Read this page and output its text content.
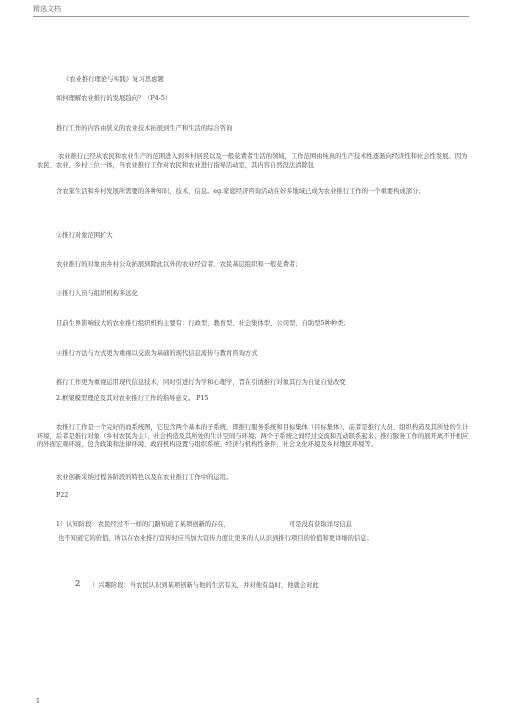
精选文档
《农业推行理论与实践》复习思虑题
如何理解农业推行的发展趋向？（P4-5）
推行工作的内容由狭义的农业技术拓展到生产和生活的综合咨询
农业推行已经从农民和农业生产的范围进入到乡村居民以及一般花费者生活的领域，工作范围由纯真的生产技术性逐渐向经济性和社会性发展。因为农民、农业、乡村三位一体，当农业推行工作对农民和农业进行指导活动室，其内容自然没法清除包
含农家生活和乡村发展所需要的各种知识、技术、信息。eg.家庭经济咨询活动在好多地域已成为农业推行工作的一个重要构成部分；
②推行对象范围扩大
农业推行的对象由乡村公众拓展到除此以外的农业经营者、农民基层组织和一般花费者；
③推行人员与组织机构多远化
目前生界影响较大的农业推行组织机构主要有：行政型、教育型、社会集体型、公司型、自助型5种种类；
④推行方法与方式更为重视以交流为基础的现代信息流传与教育咨询方式
推行工作更为重视运用现代信息技术，同时引进行为学和心理学，旨在引诱推行对象其行为自觉自觉改变
2.框架模型理论及其对农业推行工作的指导意义。 P15
农推行工作是一个完好的而系统图，它包含两个基本的子系统，即推行服务系统和目标集体（目标集体），前者是推行人员、组织构造及其所处的生计环境，后者是推行对象（乡村农民为主）、社会构造及其所处的生计空间与环境；两个子系统之间经过交流和互动联系起来；推行服务工作的展开离不开相应的外面宏观环境，包含政策和法律环境、政府机构设置与组织系统、经济与机构性条件、社会文化环境及乡村地区环境等。
农业创新采纳过程各阶段的特色以及在农业推行工作中的运用。
P22
1）认知阶段：农民经过不一样的门路知道了某项创新的存在，	可是没有获取详尽信息
也不知道它的价值，所以在农业推行宣传时应当加大宣传力度让更多的人认识到推行项目的价值和更详细的信息；
2 ）兴趣阶段：当农民认识到某项创新与他的生活有关，并对他有益时，他就会对此
1
